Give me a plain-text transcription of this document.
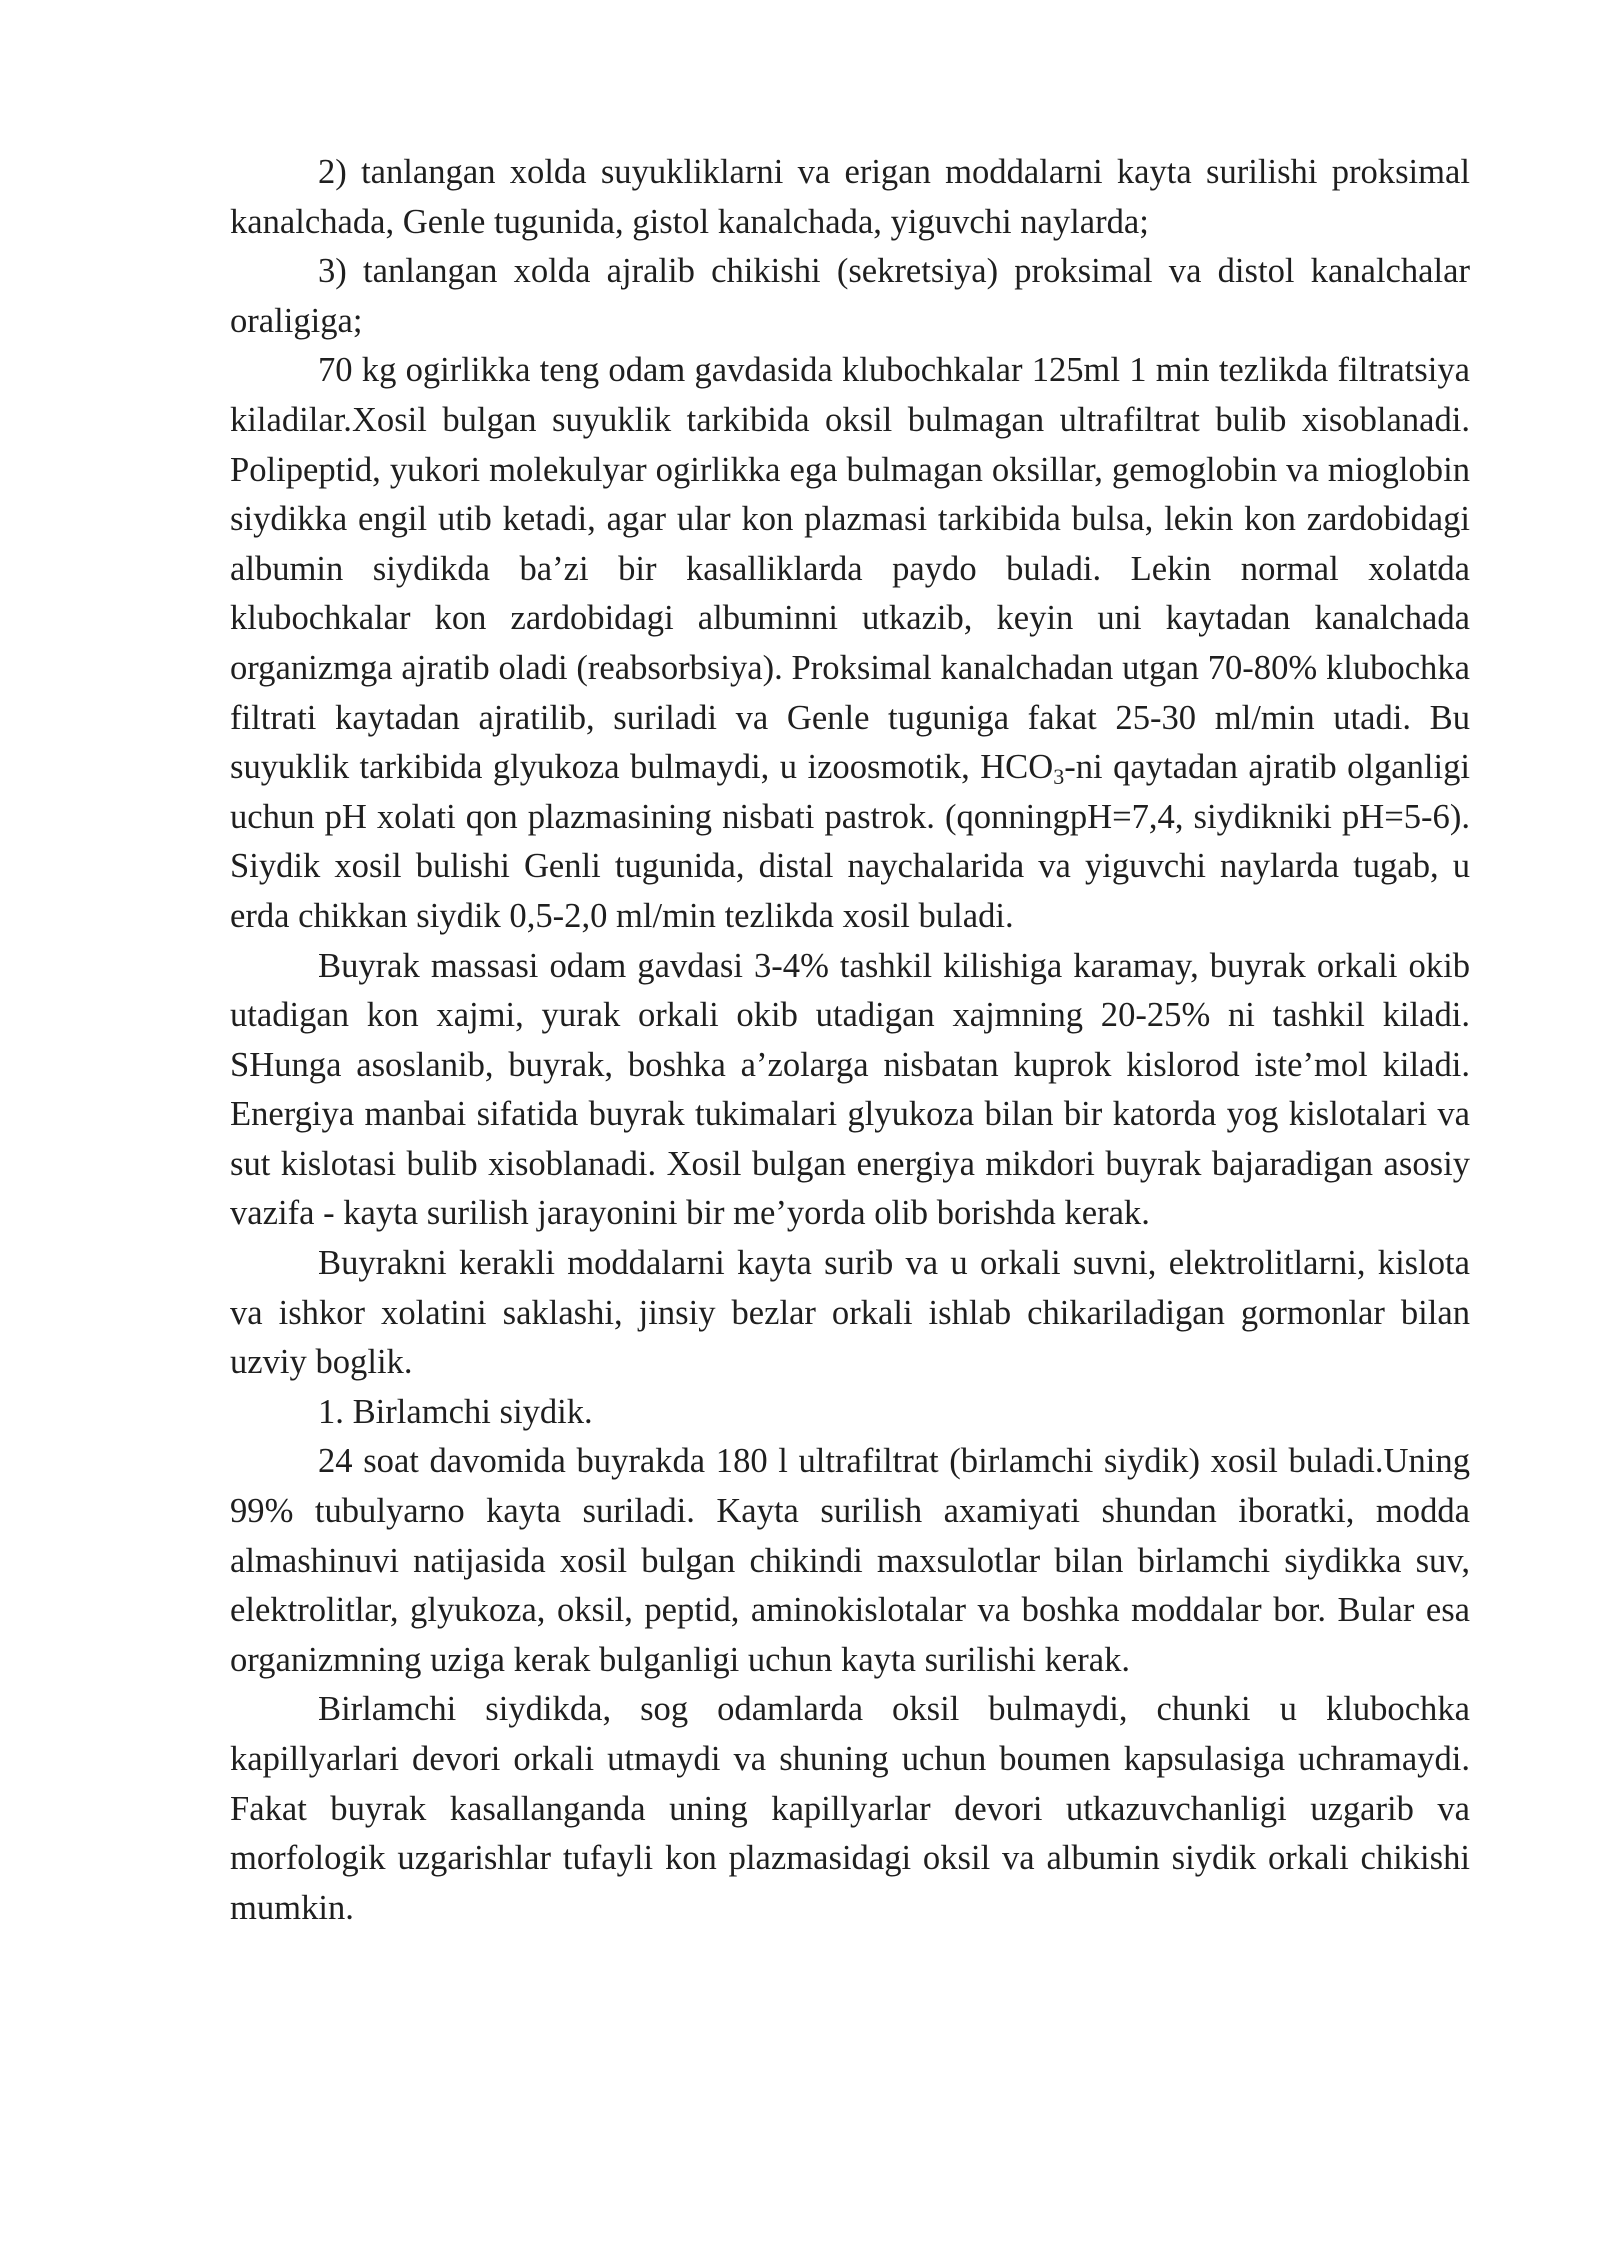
2) tanlangan xolda suyukliklarni va erigan moddalarni kayta surilishi proksimal kanalchada, Genle tugunida, gistol kanalchada, yiguvchi naylarda;

3) tanlangan xolda ajralib chikishi (sekretsiya) proksimal va distol kanalchalar oraligiga;

70 kg ogirlikka teng odam gavdasida klubochkalar 125ml 1 min tezlikda filtratsiya kiladilar.Xosil bulgan suyuklik tarkibida oksil bulmagan ultrafiltrat bulib xisoblanadi. Polipeptid, yukori molekulyar ogirlikka ega bulmagan oksillar, gemoglobin va mioglobin siydikka engil utib ketadi, agar ular kon plazmasi tarkibida bulsa, lekin kon zardobidagi albumin siydikda ba’zi bir kasalliklarda paydo buladi. Lekin normal xolatda klubochkalar kon zardobidagi albuminni utkazib, keyin uni kaytadan kanalchada organizmga ajratib oladi (reabsorbsiya). Proksimal kanalchadan utgan 70-80% klubochka filtrati kaytadan ajratilib, suriladi va Genle tuguniga fakat 25-30 ml/min utadi. Bu suyuklik tarkibida glyukoza bulmaydi, u izoosmotik, $HCO_3-ni$ qaytadan ajratib olganligi uchun pH xolati qon plazmasining nisbati pastrok. (qonningpH=7,4, siydikniki pH=5-6). Siydik xosil bulishi Genli tugunida, distal naychalarida va yiguvchi naylarda tugab, u erda chikkan siydik 0,5-2,0 ml/min tezlikda xosil buladi.

Buyrak massasi odam gavdasi 3-4% tashkil kilishiga karamay, buyrak orkali okib utadigan kon xajmi, yurak orkali okib utadigan xajmning 20-25% ni tashkil kiladi. SHunga asoslanib, buyrak, boshka a’zolarga nisbatan kuprok kislorod iste’mol kiladi. Energiya manbai sifatida buyrak tukimalari glyukoza bilan bir katorda yog kislotalari va sut kislotasi bulib xisoblanadi. Xosil bulgan energiya mikdori buyrak bajaradigan asosiy vazifa - kayta surilish jarayonini bir me’yorda olib borishda kerak.

Buyrakni kerakli moddalarni kayta surib va u orkali suvni, elektrolitlarni, kislota va ishkor xolatini saklashi, jinsiy bezlar orkali ishlab chikariladigan gormonlar bilan uzviy boglik.

1. Birlamchi siydik.

24 soat davomida buyrakda 180 l ultrafiltrat (birlamchi siydik) xosil buladi.Uning 99% tubulyarno kayta suriladi. Kayta surilish axamiyati shundan iboratki, modda almashinuvi natijasida xosil bulgan chikindi maxsulotlar bilan birlamchi siydikka suv, elektrolitlar, glyukoza, oksil, peptid, aminokislotalar va boshka moddalar bor. Bular esa organizmning uziga kerak bulganligi uchun kayta surilishi kerak.

Birlamchi siydikda, sog odamlarda oksil bulmaydi, chunki u klubochka kapillyarlari devori orkali utmaydi va shuning uchun boumen kapsulasiga uchramaydi. Fakat buyrak kasallanganda uning kapillyarlar devori utkazuvchanligi uzgarib va morfologik uzgarishlar tufayli kon plazmasidagi oksil va albumin siydik orkali chikishi mumkin.
